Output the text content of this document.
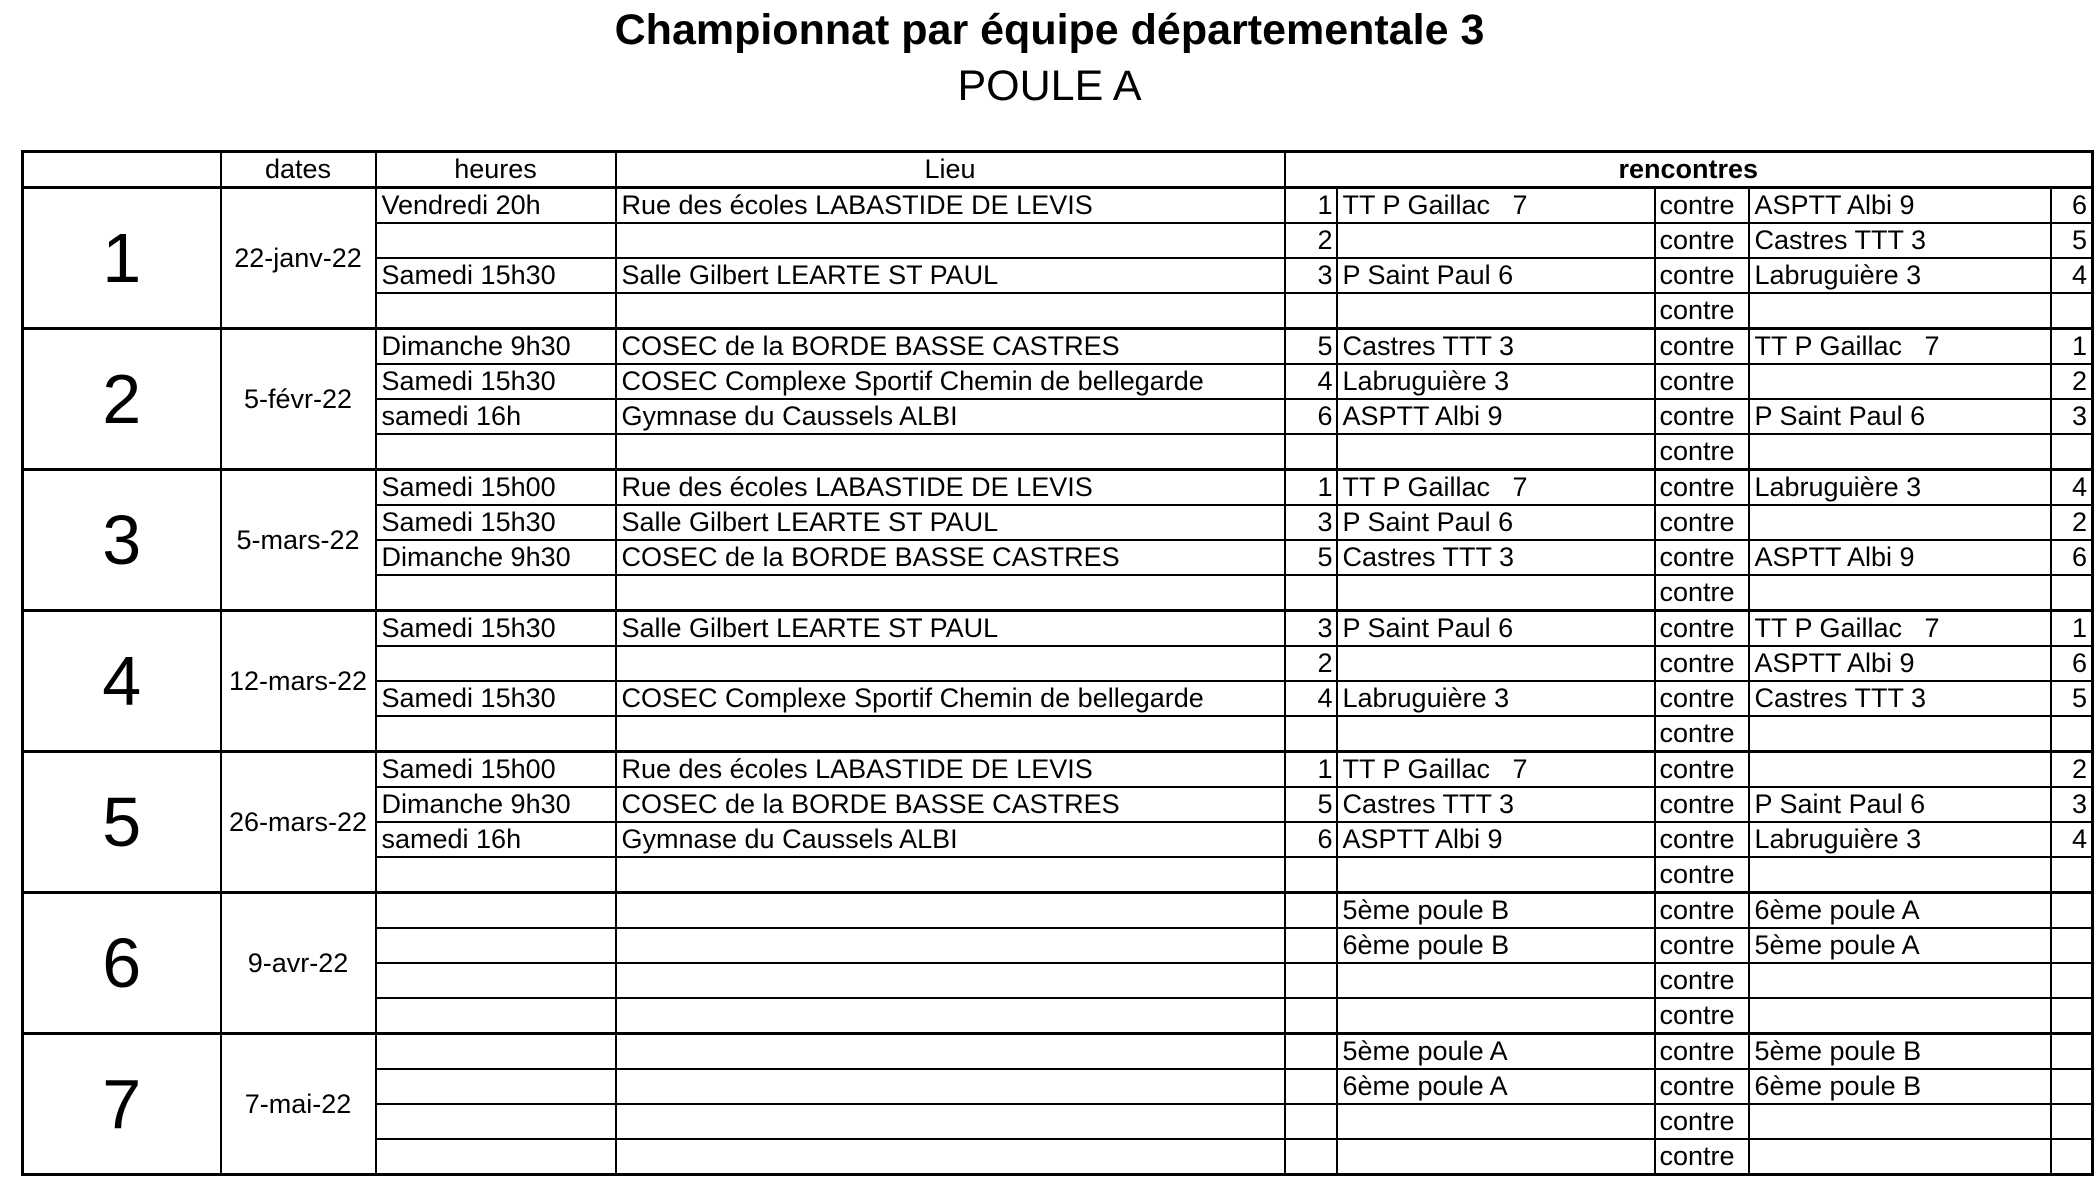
Championnat par équipe départementale 3
POULE A
	dates	heures	Lieu	rencontres				
1	22-janv-22	Vendredi 20h	Rue des écoles LABASTIDE DE LEVIS	1	TT P Gaillac   7	contre	ASPTT Albi 9	6
				2		contre	Castres TTT 3	5
		Samedi 15h30	Salle Gilbert LEARTE ST PAUL	3	P Saint Paul 6	contre	Labruguière 3	4
						contre		
2	5-févr-22	Dimanche 9h30	COSEC de la BORDE BASSE CASTRES	5	Castres TTT 3	contre	TT P Gaillac   7	1
		Samedi 15h30	COSEC Complexe Sportif Chemin de bellegarde	4	Labruguière 3	contre		2
		samedi 16h	Gymnase du Caussels ALBI	6	ASPTT Albi 9	contre	P Saint Paul 6	3
						contre		
3	5-mars-22	Samedi 15h00	Rue des écoles LABASTIDE DE LEVIS	1	TT P Gaillac   7	contre	Labruguière 3	4
		Samedi 15h30	Salle Gilbert LEARTE ST PAUL	3	P Saint Paul 6	contre		2
		Dimanche 9h30	COSEC de la BORDE BASSE CASTRES	5	Castres TTT 3	contre	ASPTT Albi 9	6
						contre		
4	12-mars-22	Samedi 15h30	Salle Gilbert LEARTE ST PAUL	3	P Saint Paul 6	contre	TT P Gaillac   7	1
				2		contre	ASPTT Albi 9	6
		Samedi 15h30	COSEC Complexe Sportif Chemin de bellegarde	4	Labruguière 3	contre	Castres TTT 3	5
						contre		
5	26-mars-22	Samedi 15h00	Rue des écoles LABASTIDE DE LEVIS	1	TT P Gaillac   7	contre		2
		Dimanche 9h30	COSEC de la BORDE BASSE CASTRES	5	Castres TTT 3	contre	P Saint Paul 6	3
		samedi 16h	Gymnase du Caussels ALBI	6	ASPTT Albi 9	contre	Labruguière 3	4
						contre		
6	9-avr-22				5ème poule B	contre	6ème poule A	
					6ème poule B	contre	5ème poule A	
						contre		
						contre		
7	7-mai-22				5ème poule A	contre	5ème poule B	
					6ème poule A	contre	6ème poule B	
						contre		
						contre		
